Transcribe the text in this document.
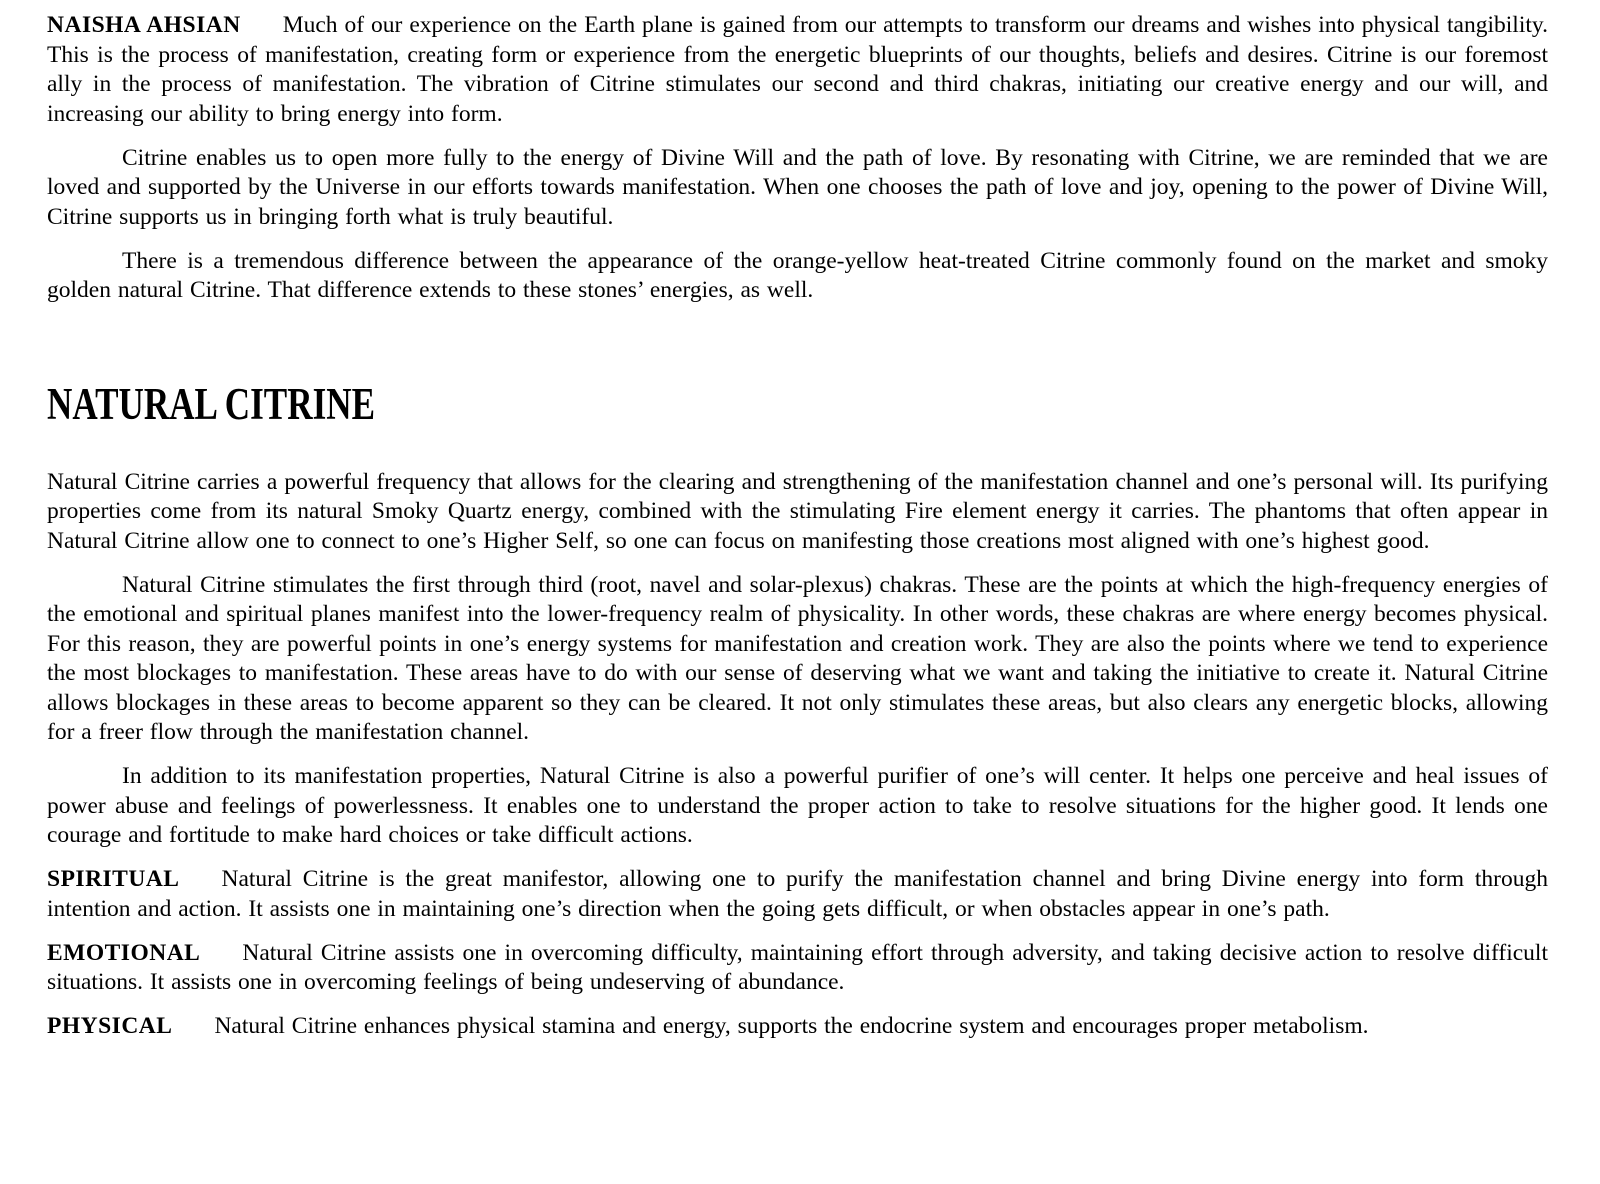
NAISHA AHSIAN Much of our experience on the Earth plane is gained from our attempts to transform our dreams and wishes into physical tangibility. This is the process of manifestation, creating form or experience from the energetic blueprints of our thoughts, beliefs and desires. Citrine is our foremost ally in the process of manifestation. The vibration of Citrine stimulates our second and third chakras, initiating our creative energy and our will, and increasing our ability to bring energy into form.

Citrine enables us to open more fully to the energy of Divine Will and the path of love. By resonating with Citrine, we are reminded that we are loved and supported by the Universe in our efforts towards manifestation. When one chooses the path of love and joy, opening to the power of Divine Will, Citrine supports us in bringing forth what is truly beautiful.

There is a tremendous difference between the appearance of the orange-yellow heat-treated Citrine commonly found on the market and smoky golden natural Citrine. That difference extends to these stones’ energies, as well.

NATURAL CITRINE

Natural Citrine carries a powerful frequency that allows for the clearing and strengthening of the manifestation channel and one’s personal will. Its purifying properties come from its natural Smoky Quartz energy, combined with the stimulating Fire element energy it carries. The phantoms that often appear in Natural Citrine allow one to connect to one’s Higher Self, so one can focus on manifesting those creations most aligned with one’s highest good.

Natural Citrine stimulates the first through third (root, navel and solar-plexus) chakras. These are the points at which the high-frequency energies of the emotional and spiritual planes manifest into the lower-frequency realm of physicality. In other words, these chakras are where energy becomes physical. For this reason, they are powerful points in one’s energy systems for manifestation and creation work. They are also the points where we tend to experience the most blockages to manifestation. These areas have to do with our sense of deserving what we want and taking the initiative to create it. Natural Citrine allows blockages in these areas to become apparent so they can be cleared. It not only stimulates these areas, but also clears any energetic blocks, allowing for a freer flow through the manifestation channel.

In addition to its manifestation properties, Natural Citrine is also a powerful purifier of one’s will center. It helps one perceive and heal issues of power abuse and feelings of powerlessness. It enables one to understand the proper action to take to resolve situations for the higher good. It lends one courage and fortitude to make hard choices or take difficult actions.

SPIRITUAL Natural Citrine is the great manifestor, allowing one to purify the manifestation channel and bring Divine energy into form through intention and action. It assists one in maintaining one’s direction when the going gets difficult, or when obstacles appear in one’s path.

EMOTIONAL Natural Citrine assists one in overcoming difficulty, maintaining effort through adversity, and taking decisive action to resolve difficult situations. It assists one in overcoming feelings of being undeserving of abundance.

PHYSICAL Natural Citrine enhances physical stamina and energy, supports the endocrine system and encourages proper metabolism.
